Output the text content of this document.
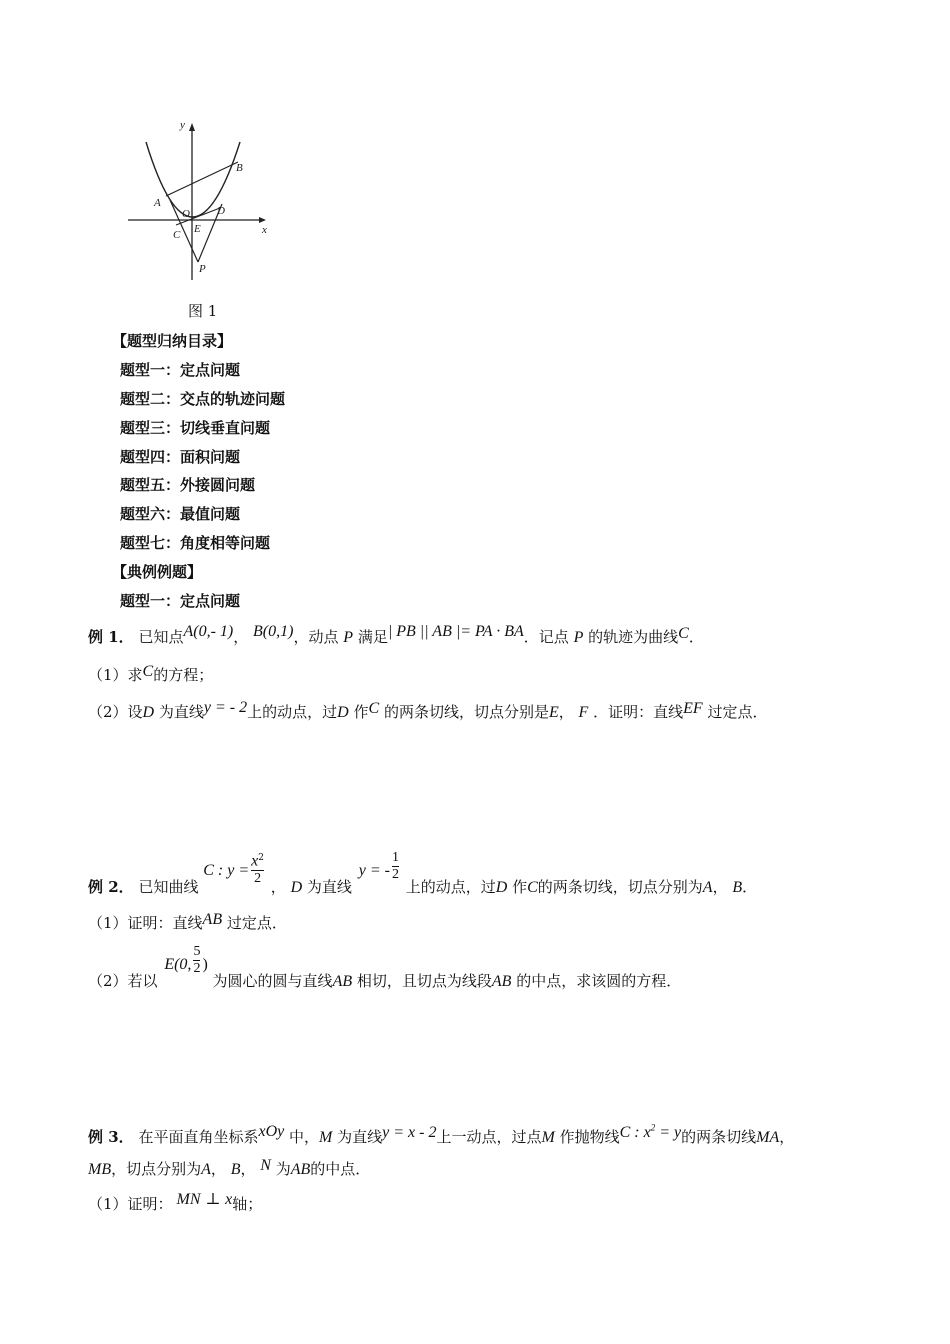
y
x
A
B
O D
C E
P
图 1
【题型归纳目录】
题型一：定点问题
题型二：交点的轨迹问题
题型三：切线垂直问题
题型四：面积问题
题型五：外接圆问题
题型六：最值问题
题型七：角度相等问题
【典例例题】
题型一：定点问题
例 1． 已知点A(0,- 1)， B(0,1)，动点 P 满足| PB || AB |= PA · BA．记点 P 的轨迹为曲线C．
（1）求C的方程；
（2）设D 为直线y = - 2上的动点，过D 作C 的两条切线，切点分别是E， F ．证明：直线EF 过定点．
例 2． 已知曲线 C : $y = \frac{x^2}{2}$
， D 为直线 y = - $\frac{1}{2}$
上的动点，过D 作C的两条切线，切点分别为A， B．
（1）证明：直线AB 过定点．
（2）若以 E(0, $\frac{5}{2}$ ) 为圆心的圆与直线AB 相切，且切点为线段AB 的中点，求该圆的方程．
例 3． 在平面直角坐标系xOy 中，M 为直线y = x - 2上一动点，过点M 作抛物线C : $x^2 = y$的两条切线MA，
MB，切点分别为A， B， N 为AB的中点．
（1）证明： MN ⊥ x轴；
